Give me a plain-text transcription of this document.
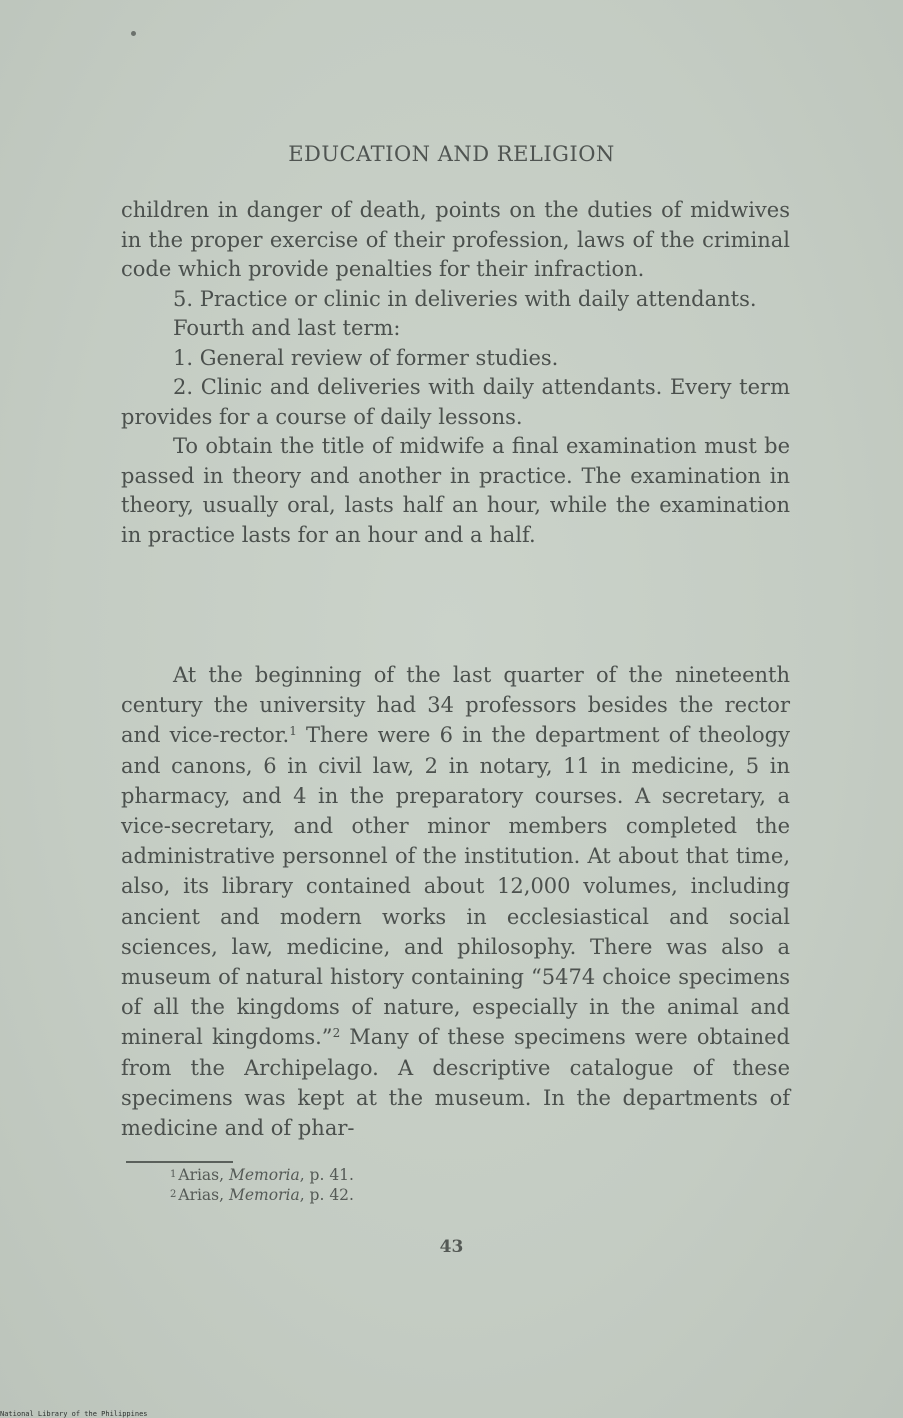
EDUCATION AND RELIGION

children in danger of death, points on the duties of midwives in the proper exercise of their profession, laws of the criminal code which provide penalties for their infraction.

5. Practice or clinic in deliveries with daily attendants.

Fourth and last term:

1. General review of former studies.

2. Clinic and deliveries with daily attendants. Every term provides for a course of daily lessons.

To obtain the title of midwife a final examination must be passed in theory and another in practice. The examination in theory, usually oral, lasts half an hour, while the examination in practice lasts for an hour and a half.

At the beginning of the last quarter of the nineteenth century the university had 34 professors besides the rector and vice-rector.$^1$ There were 6 in the department of theology and canons, 6 in civil law, 2 in notary, 11 in medicine, 5 in pharmacy, and 4 in the preparatory courses. A secretary, a vice-secretary, and other minor members completed the administrative personnel of the institution. At about that time, also, its library contained about 12,000 volumes, including ancient and modern works in ecclesiastical and social sciences, law, medicine, and philosophy. There was also a museum of natural history containing “5474 choice specimens of all the kingdoms of nature, especially in the animal and mineral kingdoms.”$^2$ Many of these specimens were obtained from the Archipelago. A descriptive catalogue of these specimens was kept at the museum. In the departments of medicine and of phar-

$^1$ Arias, Memoria, p. 41.
$^2$ Arias, Memoria, p. 42.
43
National Library of the Philippines
